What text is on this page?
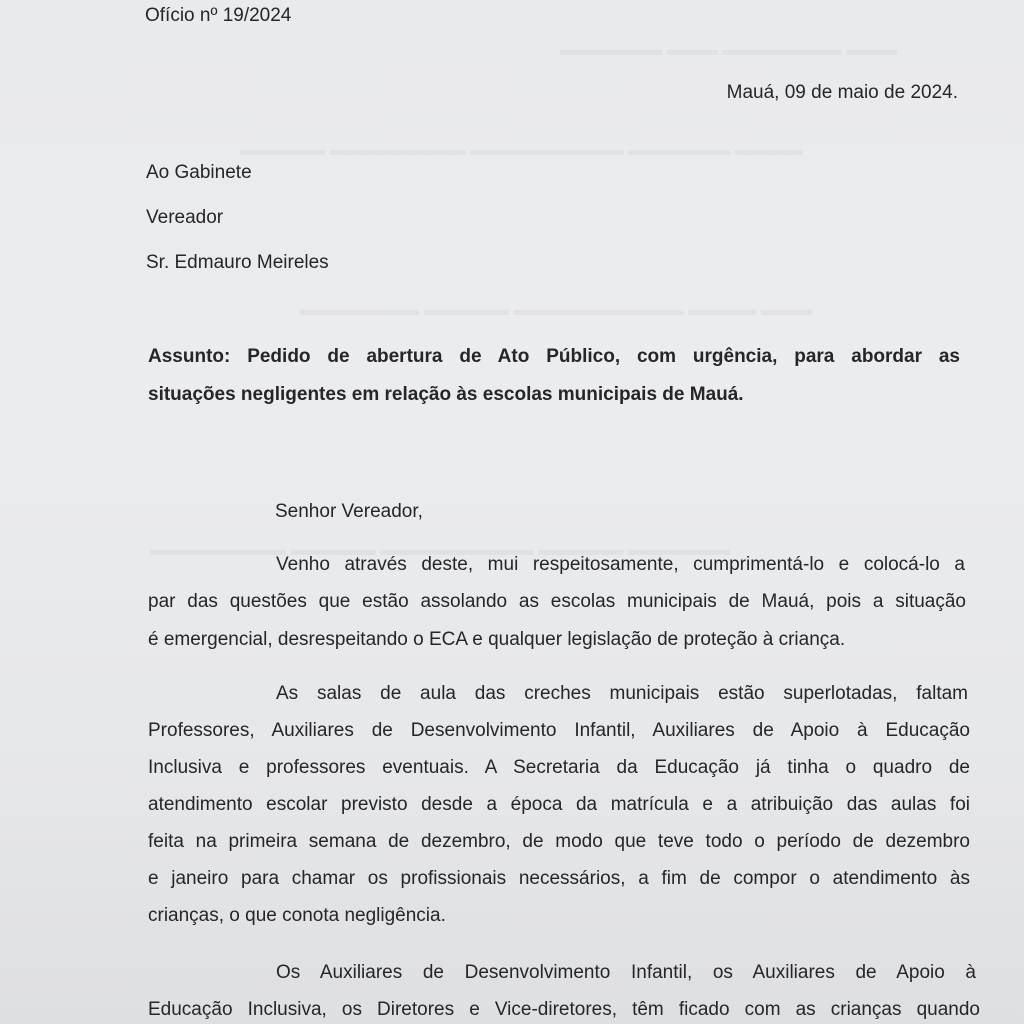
▬▬▬▬▬▬ ▬▬▬ ▬▬▬▬▬▬▬ ▬▬▬
▬▬▬▬▬ ▬▬▬▬▬▬▬▬ ▬▬▬▬▬▬▬▬▬ ▬▬▬▬▬▬ ▬▬▬▬
▬▬▬▬▬▬▬ ▬▬▬▬▬ ▬▬▬▬▬▬▬▬▬▬ ▬▬▬▬ ▬▬▬
▬▬▬▬▬▬▬▬ ▬▬▬▬▬ ▬▬▬▬▬▬▬▬▬ ▬▬▬▬▬ ▬▬▬▬▬▬
Ofício nº 19/2024
Mauá, 09 de maio de 2024.
Ao Gabinete
Vereador
Sr. Edmauro Meireles
Assunto: Pedido de abertura de Ato Público, com urgência, para abordar as
situações negligentes em relação às escolas municipais de Mauá.
Senhor Vereador,
Venho através deste, mui respeitosamente, cumprimentá-lo e colocá-lo a
par das questões que estão assolando as escolas municipais de Mauá, pois a situação
é emergencial, desrespeitando o ECA e qualquer legislação de proteção à criança.
As salas de aula das creches municipais estão superlotadas, faltam
Professores, Auxiliares de Desenvolvimento Infantil, Auxiliares de Apoio à Educação
Inclusiva e professores eventuais. A Secretaria da Educação já tinha o quadro de
atendimento escolar previsto desde a época da matrícula e a atribuição das aulas foi
feita na primeira semana de dezembro, de modo que teve todo o período de dezembro
e janeiro para chamar os profissionais necessários, a fim de compor o atendimento às
crianças, o que conota negligência.
Os Auxiliares de Desenvolvimento Infantil, os Auxiliares de Apoio à
Educação Inclusiva, os Diretores e Vice-diretores, têm ficado com as crianças quando
